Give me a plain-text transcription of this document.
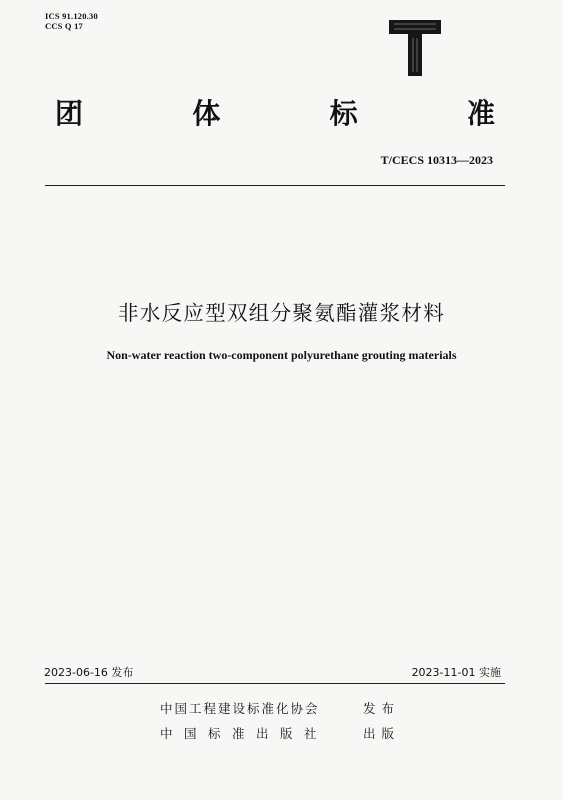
ICS 91.120.30
CCS Q 17
团	体	标	准
T/CECS 10313—2023
非水反应型双组分聚氨酯灌浆材料
Non-water reaction two-component polyurethane grouting materials
2023-06-16 发布	2023-11-01 实施
中国工程建设标准化协会	发布
中国标准出版社	出版
